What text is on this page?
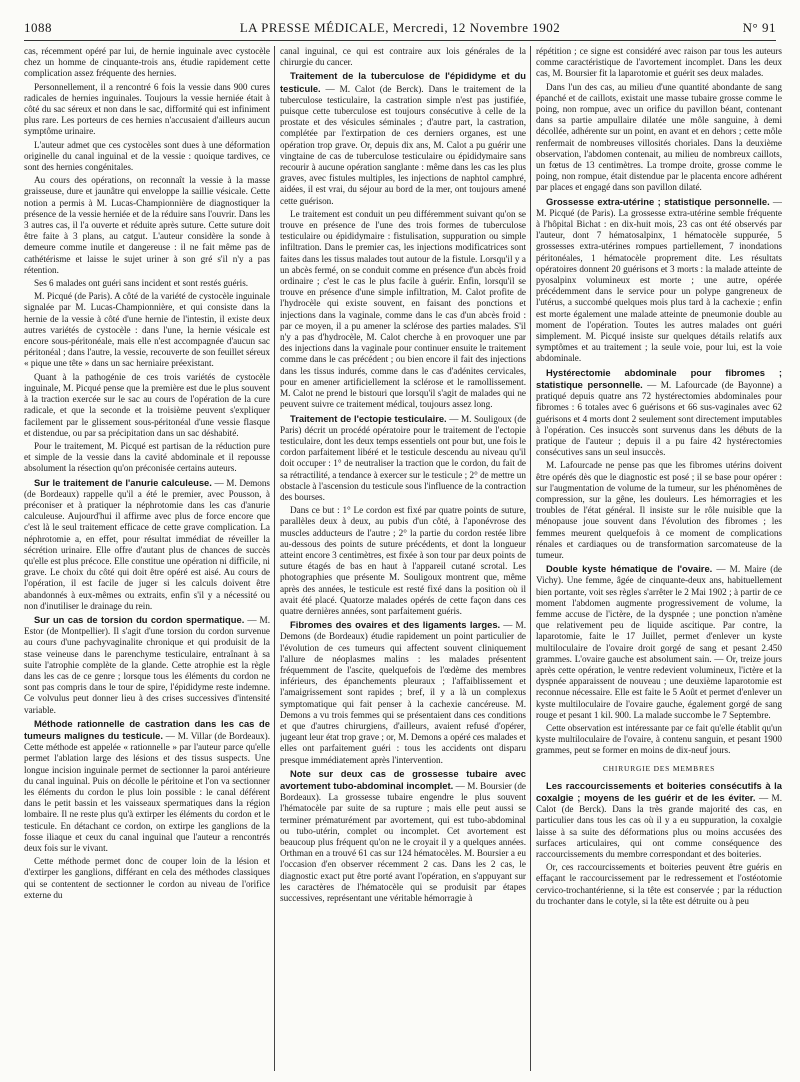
1088	LA PRESSE MÉDICALE, Mercredi, 12 Novembre 1902	N° 91

cas, récemment opéré par lui, de hernie inguinale avec cystocèle chez un homme de cinquante-trois ans, étudie rapidement cette complication assez fréquente des hernies.

Personnellement, il a rencontré 6 fois la vessie dans 900 cures radicales de hernies inguinales. Toujours la vessie herniée était à côté du sac séreux et non dans le sac, difformité qui est infiniment plus rare. Les porteurs de ces hernies n'accusaient d'ailleurs aucun symptôme urinaire.

L'auteur admet que ces cystocèles sont dues à une déformation originelle du canal inguinal et de la vessie : quoique tardives, ce sont des hernies congénitales.

Au cours des opérations, on reconnaît la vessie à la masse graisseuse, dure et jaunâtre qui enveloppe la saillie vésicale. Cette notion a permis à M. Lucas-Championnière de diagnostiquer la présence de la vessie herniée et de la réduire sans l'ouvrir. Dans les 3 autres cas, il l'a ouverte et réduite après suture. Cette suture doit être faite à 3 plans, au catgut. L'auteur considère la sonde à demeure comme inutile et dangereuse : il ne fait même pas de cathétérisme et laisse le sujet uriner à son gré s'il n'y a pas rétention.

Ses 6 malades ont guéri sans incident et sont restés guéris.

M. Picqué (de Paris). A côté de la variété de cystocèle inguinale signalée par M. Lucas-Championnière, et qui consiste dans la hernie de la vessie à côté d'une hernie de l'intestin, il existe deux autres variétés de cystocèle : dans l'une, la hernie vésicale est encore sous-péritonéale, mais elle n'est accompagnée d'aucun sac péritonéal ; dans l'autre, la vessie, recouverte de son feuillet séreux « pique une tête » dans un sac herniaire préexistant.

Quant à la pathogénie de ces trois variétés de cystocèle inguinale, M. Picqué pense que la première est due le plus souvent à la traction exercée sur le sac au cours de l'opération de la cure radicale, et que la seconde et la troisième peuvent s'expliquer facilement par le glissement sous-péritonéal d'une vessie flasque et distendue, ou par sa précipitation dans un sac déshabité.

Pour le traitement, M. Picqué est partisan de la réduction pure et simple de la vessie dans la cavité abdominale et il repousse absolument la résection qu'on préconisée certains auteurs.

Sur le traitement de l'anurie calculeuse. — M. Demons (de Bordeaux) rappelle qu'il a été le premier, avec Pousson, à préconiser et à pratiquer la néphrotomie dans les cas d'anurie calculeuse. Aujourd'hui il affirme avec plus de force encore que c'est là le seul traitement efficace de cette grave complication. La néphrotomie a, en effet, pour résultat immédiat de réveiller la sécrétion urinaire. Elle offre d'autant plus de chances de succès qu'elle est plus précoce. Elle constitue une opération ni difficile, ni grave. Le choix du côté qui doit être opéré est aisé. Au cours de l'opération, il est facile de juger si les calculs doivent être abandonnés à eux-mêmes ou extraits, enfin s'il y a nécessité ou non d'inutiliser le drainage du rein.

Sur un cas de torsion du cordon spermatique. — M. Estor (de Montpellier). Il s'agit d'une torsion du cordon survenue au cours d'une pachyvaginalite chronique et qui produisit de la stase veineuse dans le parenchyme testiculaire, entraînant à sa suite l'atrophie complète de la glande. Cette atrophie est la règle dans les cas de ce genre ; lorsque tous les éléments du cordon ne sont pas compris dans le tour de spire, l'épididyme reste indemne. Ce volvulus peut donner lieu à des crises successives d'intensité variable.

Méthode rationnelle de castration dans les cas de tumeurs malignes du testicule. — M. Villar (de Bordeaux). Cette méthode est appelée « rationnelle » par l'auteur parce qu'elle permet l'ablation large des lésions et des tissus suspects. Une longue incision inguinale permet de sectionner la paroi antérieure du canal inguinal. Puis on décolle le péritoine et l'on va sectionner les éléments du cordon le plus loin possible : le canal déférent dans le petit bassin et les vaisseaux spermatiques dans la région lombaire. Il ne reste plus qu'à extirper les éléments du cordon et le testicule. En détachant ce cordon, on extirpe les ganglions de la fosse iliaque et ceux du canal inguinal que l'auteur a rencontrés deux fois sur le vivant.

Cette méthode permet donc de couper loin de la lésion et d'extirper les ganglions, différant en cela des méthodes classiques qui se contentent de sectionner le cordon au niveau de l'orifice externe du

canal inguinal, ce qui est contraire aux lois générales de la chirurgie du cancer.

Traitement de la tuberculose de l'épididyme et du testicule. — M. Calot (de Berck). Dans le traitement de la tuberculose testiculaire, la castration simple n'est pas justifiée, puisque cette tuberculose est toujours consécutive à celle de la prostate et des vésicules séminales ; d'autre part, la castration, complétée par l'extirpation de ces derniers organes, est une opération trop grave. Or, depuis dix ans, M. Calot a pu guérir une vingtaine de cas de tuberculose testiculaire ou épididymaire sans recourir à aucune opération sanglante : même dans les cas les plus graves, avec fistules multiples, les injections de naphtol camphré, aidées, il est vrai, du séjour au bord de la mer, ont toujours amené cette guérison.

Le traitement est conduit un peu différemment suivant qu'on se trouve en présence de l'une des trois formes de tuberculose testiculaire ou épididymaire : fistulisation, suppuration ou simple infiltration. Dans le premier cas, les injections modificatrices sont faites dans les tissus malades tout autour de la fistule. Lorsqu'il y a un abcès fermé, on se conduit comme en présence d'un abcès froid ordinaire ; c'est le cas le plus facile à guérir. Enfin, lorsqu'il se trouve en présence d'une simple infiltration, M. Calot profite de l'hydrocèle qui existe souvent, en faisant des ponctions et injections dans la vaginale, comme dans le cas d'un abcès froid : par ce moyen, il a pu amener la sclérose des parties malades. S'il n'y a pas d'hydrocèle, M. Calot cherche à en provoquer une par des injections dans la vaginale pour continuer ensuite le traitement comme dans le cas précédent ; ou bien encore il fait des injections dans les tissus indurés, comme dans le cas d'adénites cervicales, pour en amener artificiellement la sclérose et le ramollissement. M. Calot ne prend le bistouri que lorsqu'il s'agit de malades qui ne peuvent suivre ce traitement médical, toujours assez long.

Traitement de l'ectopie testiculaire. — M. Souligoux (de Paris) décrit un procédé opératoire pour le traitement de l'ectopie testiculaire, dont les deux temps essentiels ont pour but, une fois le cordon parfaitement libéré et le testicule descendu au niveau qu'il doit occuper : 1° de neutraliser la traction que le cordon, du fait de sa rétractilité, a tendance à exercer sur le testicule ; 2° de mettre un obstacle à l'ascension du testicule sous l'influence de la contraction des bourses.

Dans ce but : 1° Le cordon est fixé par quatre points de suture, parallèles deux à deux, au pubis d'un côté, à l'aponévrose des muscles adducteurs de l'autre ; 2° la partie du cordon restée libre au-dessous des points de suture précédents, et dont la longueur atteint encore 3 centimètres, est fixée à son tour par deux points de suture étagés de bas en haut à l'appareil cutané scrotal. Les photographies que présente M. Souligoux montrent que, même après des années, le testicule est resté fixé dans la position où il avait été placé. Quatorze malades opérés de cette façon dans ces quatre dernières années, sont parfaitement guéris.

Fibromes des ovaires et des ligaments larges. — M. Demons (de Bordeaux) étudie rapidement un point particulier de l'évolution de ces tumeurs qui affectent souvent cliniquement l'allure de néoplasmes malins : les malades présentent fréquemment de l'ascite, quelquefois de l'œdème des membres inférieurs, des épanchements pleuraux ; l'affaiblissement et l'amaigrissement sont rapides ; bref, il y a là un complexus symptomatique qui fait penser à la cachexie cancéreuse. M. Demons a vu trois femmes qui se présentaient dans ces conditions et que d'autres chirurgiens, d'ailleurs, avaient refusé d'opérer, jugeant leur état trop grave ; or, M. Demons a opéré ces malades et elles ont parfaitement guéri : tous les accidents ont disparu presque immédiatement après l'intervention.

Note sur deux cas de grossesse tubaire avec avortement tubo-abdominal incomplet. — M. Boursier (de Bordeaux). La grossesse tubaire engendre le plus souvent l'hématocèle par suite de sa rupture ; mais elle peut aussi se terminer prématurément par avortement, qui est tubo-abdominal ou tubo-utérin, complet ou incomplet. Cet avortement est beaucoup plus fréquent qu'on ne le croyait il y a quelques années. Orthman en a trouvé 61 cas sur 124 hématocèles. M. Boursier a eu l'occasion d'en observer récemment 2 cas. Dans les 2 cas, le diagnostic exact put être porté avant l'opération, en s'appuyant sur les caractères de l'hématocèle qui se produisit par étapes successives, représentant une véritable hémorragie à

répétition ; ce signe est considéré avec raison par tous les auteurs comme caractéristique de l'avortement incomplet. Dans les deux cas, M. Boursier fit la laparotomie et guérit ses deux malades.

Dans l'un des cas, au milieu d'une quantité abondante de sang épanché et de caillots, existait une masse tubaire grosse comme le poing, non rompue, avec un orifice du pavillon béant, contenant dans sa partie ampullaire dilatée une môle sanguine, à demi décollée, adhérente sur un point, en avant et en dehors ; cette môle renfermait de nombreuses villosités choriales. Dans la deuxième observation, l'abdomen contenait, au milieu de nombreux caillots, un fœtus de 13 centimètres. La trompe droite, grosse comme le poing, non rompue, était distendue par le placenta encore adhérent par places et engagé dans son pavillon dilaté.

Grossesse extra-utérine ; statistique personnelle. — M. Picqué (de Paris). La grossesse extra-utérine semble fréquente à l'hôpital Bichat : en dix-huit mois, 23 cas ont été observés par l'auteur, dont 7 hématosalpinx, 1 hématocèle suppurée, 5 grossesses extra-utérines rompues partiellement, 7 inondations péritonéales, 1 hématocèle proprement dite. Les résultats opératoires donnent 20 guérisons et 3 morts : la malade atteinte de pyosalpinx volumineux est morte ; une autre, opérée précédemment dans le service pour un polype gangreneux de l'utérus, a succombé quelques mois plus tard à la cachexie ; enfin est morte également une malade atteinte de pneumonie double au moment de l'opération. Toutes les autres malades ont guéri simplement. M. Picqué insiste sur quelques détails relatifs aux symptômes et au traitement ; la seule voie, pour lui, est la voie abdominale.

Hystérectomie abdominale pour fibromes ; statistique personnelle. — M. Lafourcade (de Bayonne) a pratiqué depuis quatre ans 72 hystérectomies abdominales pour fibromes : 6 totales avec 6 guérisons et 66 sus-vaginales avec 62 guérisons et 4 morts dont 2 seulement sont directement imputables à l'opération. Ces insuccès sont survenus dans les débuts de la pratique de l'auteur ; depuis il a pu faire 42 hystérectomies consécutives sans un seul insuccès.

M. Lafourcade ne pense pas que les fibromes utérins doivent être opérés dès que le diagnostic est posé ; il se base pour opérer : sur l'augmentation de volume de la tumeur, sur les phénomènes de compression, sur la gêne, les douleurs. Les hémorragies et les troubles de l'état général. Il insiste sur le rôle nuisible que la ménopause joue souvent dans l'évolution des fibromes ; les femmes meurent quelquefois à ce moment de complications rénales et cardiaques ou de transformation sarcomateuse de la tumeur.

Double kyste hématique de l'ovaire. — M. Maire (de Vichy). Une femme, âgée de cinquante-deux ans, habituellement bien portante, voit ses règles s'arrêter le 2 Mai 1902 ; à partir de ce moment l'abdomen augmente progressivement de volume, la femme accuse de l'ictère, de la dyspnée ; une ponction n'amène que relativement peu de liquide ascitique. Par contre, la laparotomie, faite le 17 Juillet, permet d'enlever un kyste multiloculaire de l'ovaire droit gorgé de sang et pesant 2.450 grammes. L'ovaire gauche est absolument sain. — Or, treize jours après cette opération, le ventre redevient volumineux, l'ictère et la dyspnée apparaissent de nouveau ; une deuxième laparotomie est reconnue nécessaire. Elle est faite le 5 Août et permet d'enlever un kyste multiloculaire de l'ovaire gauche, également gorgé de sang rouge et pesant 1 kil. 900. La malade succombe le 7 Septembre.

Cette observation est intéressante par ce fait qu'elle établit qu'un kyste multiloculaire de l'ovaire, à contenu sanguin, et pesant 1900 grammes, peut se former en moins de dix-neuf jours.

CHIRURGIE DES MEMBRES

Les raccourcissements et boiteries consécutifs à la coxalgie ; moyens de les guérir et de les éviter. — M. Calot (de Berck). Dans la très grande majorité des cas, en particulier dans tous les cas où il y a eu suppuration, la coxalgie laisse à sa suite des déformations plus ou moins accusées des surfaces articulaires, qui ont comme conséquence des raccourcissements du membre correspondant et des boiteries.

Or, ces raccourcissements et boiteries peuvent être guéris en effaçant le raccourcissement par le redressement et l'ostéotomie cervico-trochantérienne, si la tête est conservée ; par la réduction du trochanter dans le cotyle, si la tête est détruite ou à peu
